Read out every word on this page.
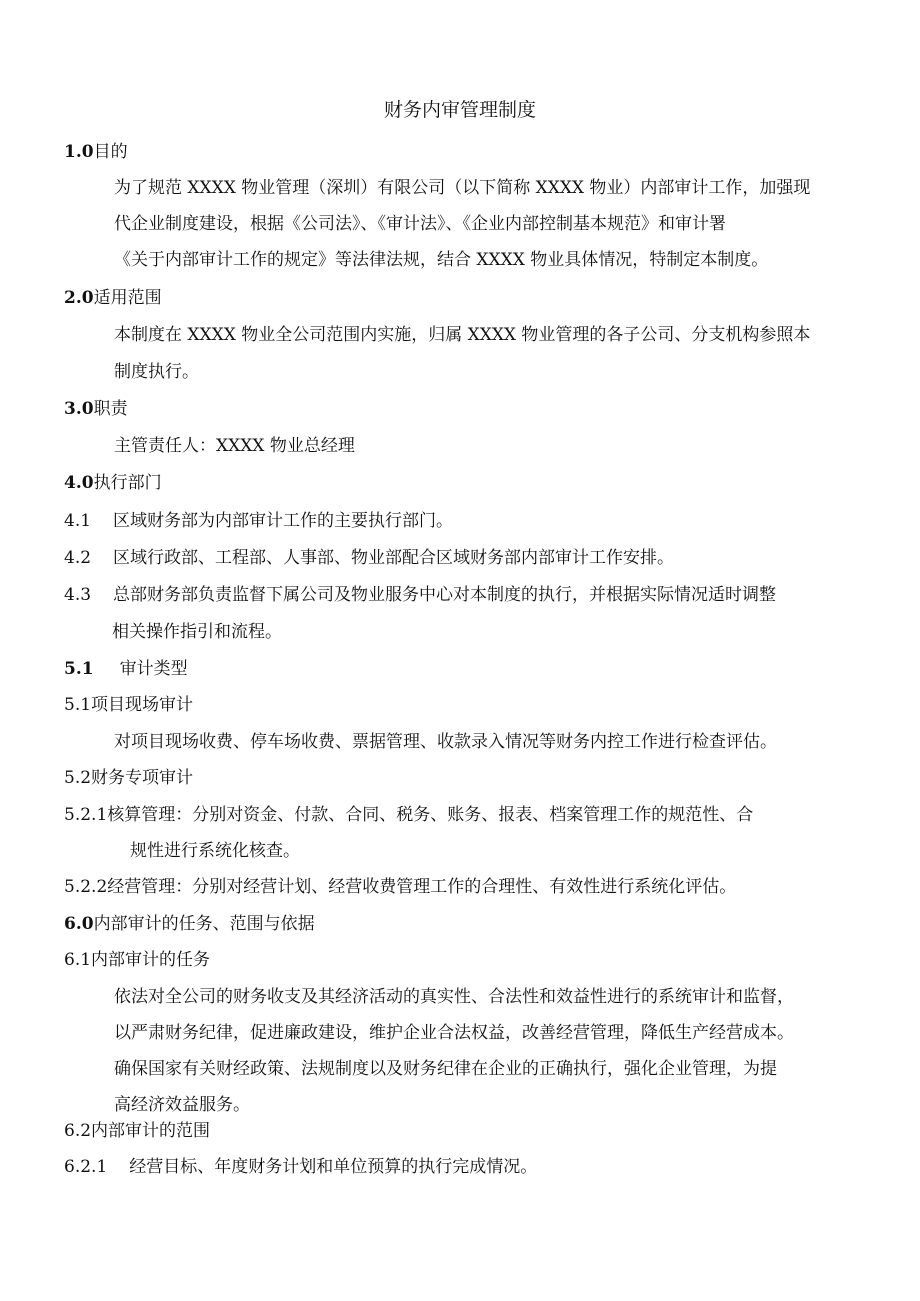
财务内审管理制度
1.0目的
为了规范 XXXX 物业管理（深圳）有限公司（以下简称 XXXX 物业）内部审计工作，加强现
代企业制度建设，根据《公司法》、《审计法》、《企业内部控制基本规范》和审计署
《关于内部审计工作的规定》等法律法规，结合 XXXX 物业具体情况，特制定本制度。
2.0适用范围
本制度在 XXXX 物业全公司范围内实施，归属 XXXX 物业管理的各子公司、分支机构参照本
制度执行。
3.0职责
主管责任人：XXXX 物业总经理
4.0执行部门
4.1 区域财务部为内部审计工作的主要执行部门。
4.2 区域行政部、工程部、人事部、物业部配合区域财务部内部审计工作安排。
4.3 总部财务部负责监督下属公司及物业服务中心对本制度的执行，并根据实际情况适时调整
相关操作指引和流程。
5.1 审计类型
5.1项目现场审计
对项目现场收费、停车场收费、票据管理、收款录入情况等财务内控工作进行检查评估。
5.2财务专项审计
5.2.1核算管理：分别对资金、付款、合同、税务、账务、报表、档案管理工作的规范性、合
规性进行系统化核查。
5.2.2经营管理：分别对经营计划、经营收费管理工作的合理性、有效性进行系统化评估。
6.0内部审计的任务、范围与依据
6.1内部审计的任务
依法对全公司的财务收支及其经济活动的真实性、合法性和效益性进行的系统审计和监督，
以严肃财务纪律，促进廉政建设，维护企业合法权益，改善经营管理，降低生产经营成本。
确保国家有关财经政策、法规制度以及财务纪律在企业的正确执行，强化企业管理，为提
高经济效益服务。
6.2内部审计的范围
6.2.1 经营目标、年度财务计划和单位预算的执行完成情况。
